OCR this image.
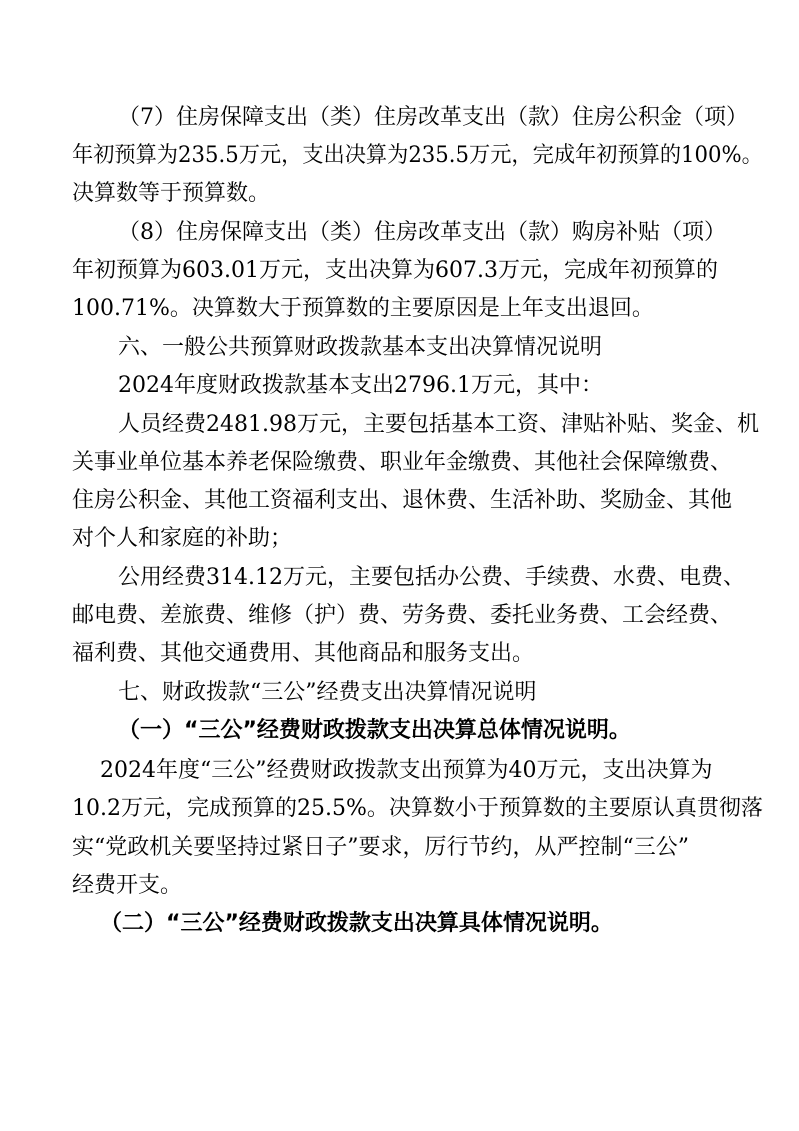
（7）住房保障支出（类）住房改革支出（款）住房公积金（项）
年初预算为235.5万元，支出决算为235.5万元，完成年初预算的100%。
决算数等于预算数。
（8）住房保障支出（类）住房改革支出（款）购房补贴（项）
年初预算为603.01万元，支出决算为607.3万元，完成年初预算的
100.71%。决算数大于预算数的主要原因是上年支出退回。
六、一般公共预算财政拨款基本支出决算情况说明
2024年度财政拨款基本支出2796.1万元，其中：
人员经费2481.98万元，主要包括基本工资、津贴补贴、奖金、机
关事业单位基本养老保险缴费、职业年金缴费、其他社会保障缴费、
住房公积金、其他工资福利支出、退休费、生活补助、奖励金、其他
对个人和家庭的补助；
公用经费314.12万元，主要包括办公费、手续费、水费、电费、
邮电费、差旅费、维修（护）费、劳务费、委托业务费、工会经费、
福利费、其他交通费用、其他商品和服务支出。
七、财政拨款“三公”经费支出决算情况说明
（一）“三公”经费财政拨款支出决算总体情况说明。
2024年度“三公”经费财政拨款支出预算为40万元，支出决算为
10.2万元，完成预算的25.5%。决算数小于预算数的主要原认真贯彻落
实“党政机关要坚持过紧日子”要求，厉行节约，从严控制“三公”
经费开支。
（二）“三公”经费财政拨款支出决算具体情况说明。
